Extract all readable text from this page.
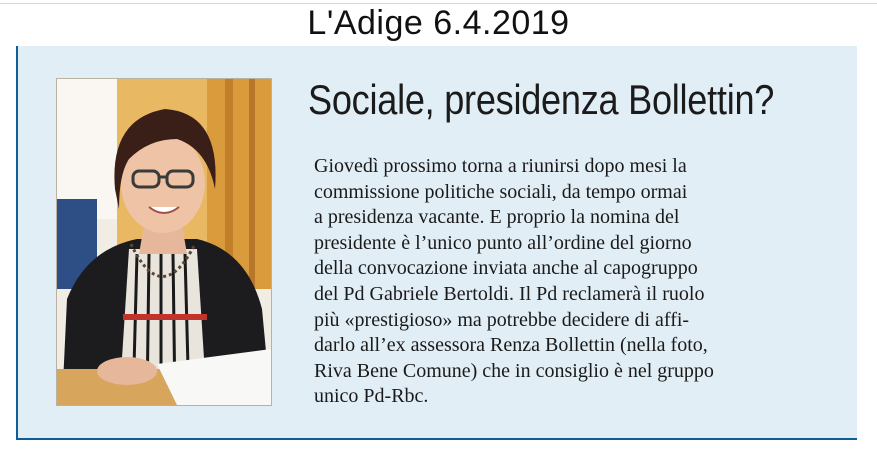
L'Adige 6.4.2019
Sociale, presidenza Bollettin?
Giovedì prossimo torna a riunirsi dopo mesi la
commissione politiche sociali, da tempo ormai
a presidenza vacante. E proprio la nomina del
presidente è l’unico punto all’ordine del giorno
della convocazione inviata anche al capogruppo
del Pd Gabriele Bertoldi. Il Pd reclamerà il ruolo
più «prestigioso» ma potrebbe decidere di affi-
darlo all’ex assessora Renza Bollettin (nella foto,
Riva Bene Comune) che in consiglio è nel gruppo
unico Pd-Rbc.
